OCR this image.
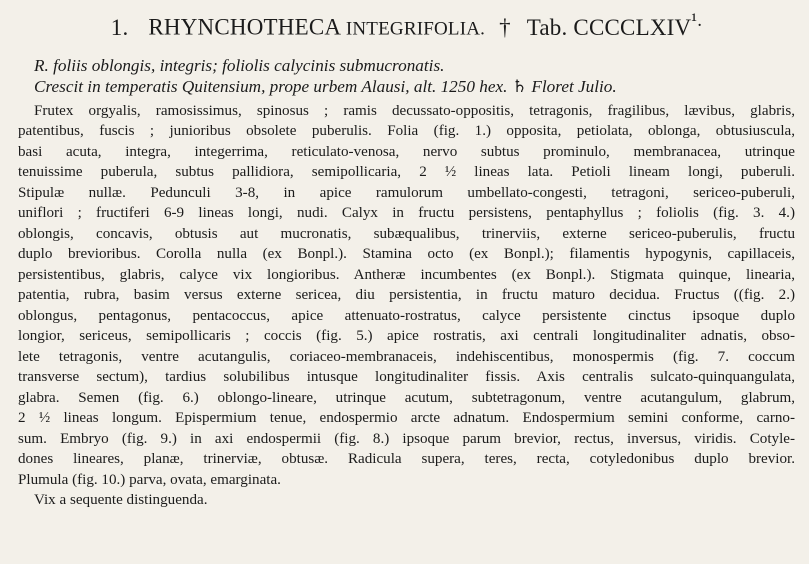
1. RHYNCHOTHECA INTEGRIFOLIA. † Tab. $CCCCLXIV^{^1.}$

R. foliis oblongis, integris; foliolis calycinis submucronatis.

Crescit in temperatis Quitensium, prope urbem Alausi, alt. 1250 hex. ♄ Floret Julio.

Frutex orgyalis, ramosissimus, spinosus ; ramis decussato-oppositis, tetragonis, fragilibus, lævibus, glabris,
patentibus, fuscis ; junioribus obsolete puberulis. Folia (fig. 1.) opposita, petiolata, oblonga, obtusiuscula,
basi acuta, integra, integerrima, reticulato-venosa, nervo subtus prominulo, membranacea, utrinque
tenuissime puberula, subtus pallidiora, semipollicaria, 2 ½ lineas lata. Petioli lineam longi, puberuli.
Stipulæ nullæ. Pedunculi 3-8, in apice ramulorum umbellato-congesti, tetragoni, sericeo-puberuli,
uniflori ; fructiferi 6-9 lineas longi, nudi. Calyx in fructu persistens, pentaphyllus ; foliolis (fig. 3. 4.)
oblongis, concavis, obtusis aut mucronatis, subæqualibus, trinerviis, externe sericeo-puberulis, fructu
duplo brevioribus. Corolla nulla (ex Bonpl.). Stamina octo (ex Bonpl.); filamentis hypogynis, capillaceis,
persistentibus, glabris, calyce vix longioribus. Antheræ incumbentes (ex Bonpl.). Stigmata quinque, linearia,
patentia, rubra, basim versus externe sericea, diu persistentia, in fructu maturo decidua. Fructus ((fig. 2.)
oblongus, pentagonus, pentacoccus, apice attenuato-rostratus, calyce persistente cinctus ipsoque duplo
longior, sericeus, semipollicaris ; coccis (fig. 5.) apice rostratis, axi centrali longitudinaliter adnatis, obso-
lete tetragonis, ventre acutangulis, coriaceo-membranaceis, indehiscentibus, monospermis (fig. 7. coccum
transverse sectum), tardius solubilibus intusque longitudinaliter fissis. Axis centralis sulcato-quinquangulata,
glabra. Semen (fig. 6.) oblongo-lineare, utrinque acutum, subtetragonum, ventre acutangulum, glabrum,
2 ½ lineas longum. Epispermium tenue, endospermio arcte adnatum. Endospermium semini conforme, carno-
sum. Embryo (fig. 9.) in axi endospermii (fig. 8.) ipsoque parum brevior, rectus, inversus, viridis. Cotyle-
dones lineares, planæ, trinerviæ, obtusæ. Radicula supera, teres, recta, cotyledonibus duplo brevior.
Plumula (fig. 10.) parva, ovata, emarginata.
Vix a sequente distinguenda.
